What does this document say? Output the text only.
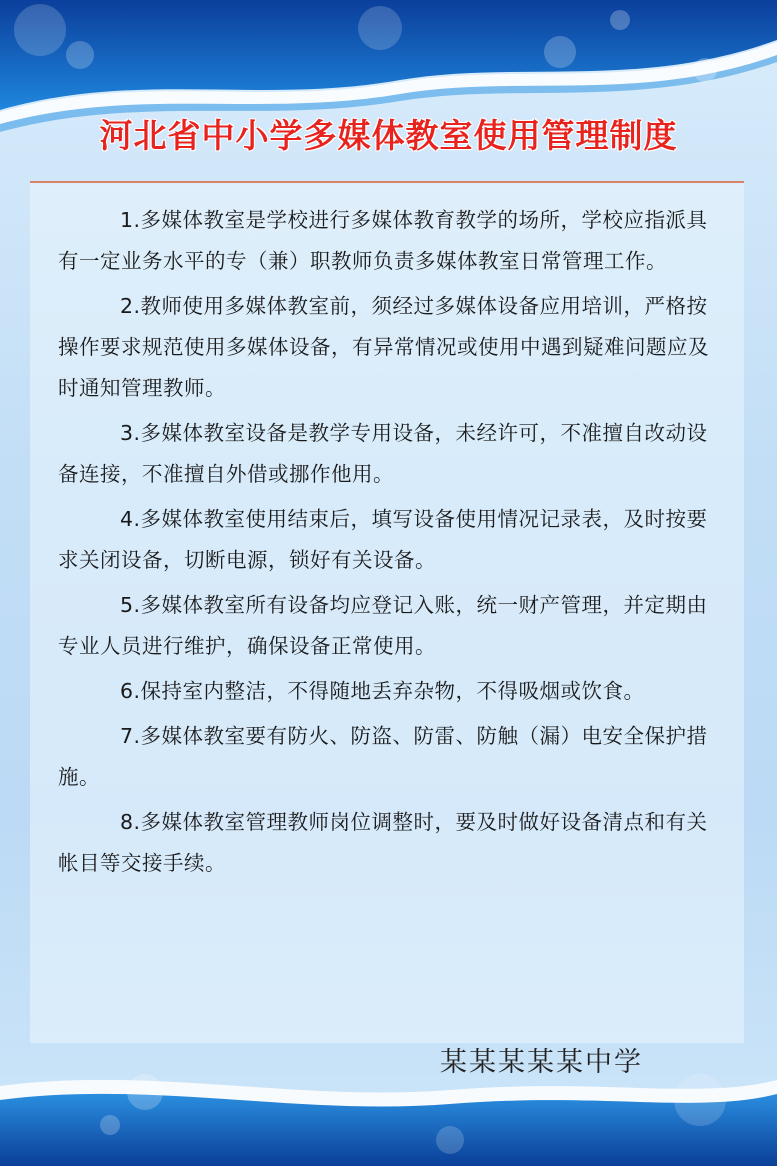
河北省中小学多媒体教室使用管理制度

1.多媒体教室是学校进行多媒体教育教学的场所，学校应指派具有一定业务水平的专（兼）职教师负责多媒体教室日常管理工作。

2.教师使用多媒体教室前，须经过多媒体设备应用培训，严格按操作要求规范使用多媒体设备，有异常情况或使用中遇到疑难问题应及时通知管理教师。

3.多媒体教室设备是教学专用设备，未经许可，不准擅自改动设备连接，不准擅自外借或挪作他用。

4.多媒体教室使用结束后，填写设备使用情况记录表，及时按要求关闭设备，切断电源，锁好有关设备。

5.多媒体教室所有设备均应登记入账，统一财产管理，并定期由专业人员进行维护，确保设备正常使用。

6.保持室内整洁，不得随地丢弃杂物，不得吸烟或饮食。

7.多媒体教室要有防火、防盗、防雷、防触（漏）电安全保护措施。

8.多媒体教室管理教师岗位调整时，要及时做好设备清点和有关帐目等交接手续。

某某某某某中学
